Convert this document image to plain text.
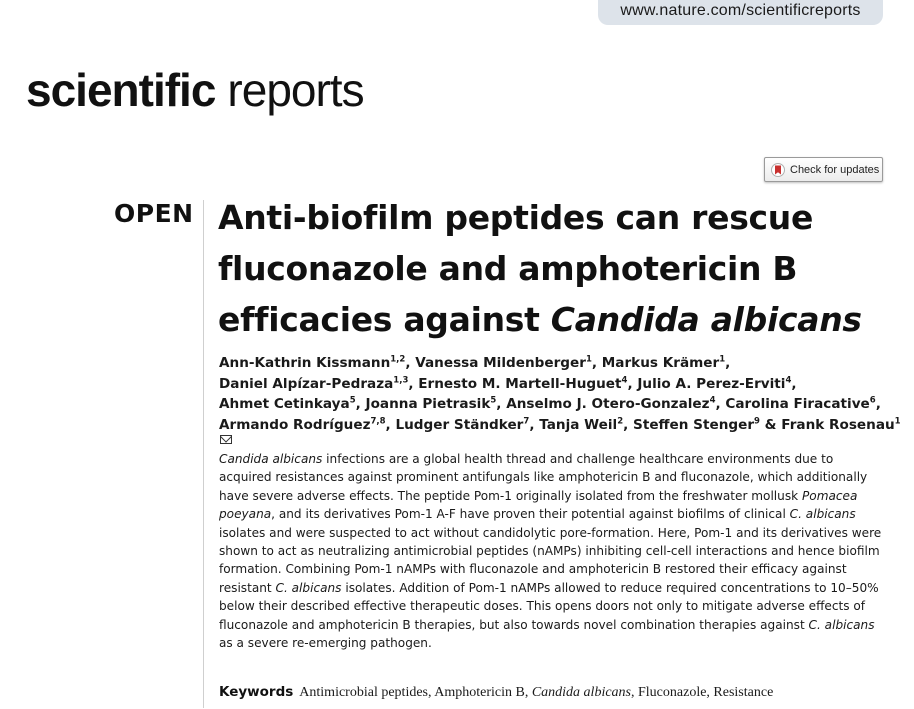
www.nature.com/scientificreports
scientific reports
Check for updates
OPEN Anti-biofilm peptides can rescue fluconazole and amphotericin B efficacies against Candida albicans
Ann-Kathrin Kissmann$^{1,2}$, Vanessa Mildenberger$^1$, Markus Krämer$^1$,
Daniel Alpízar-Pedraza$^{1,3}$, Ernesto M. Martell-Huguet$^4$, Julio A. Perez-Erviti$^4$,
Ahmet Cetinkaya$^5$, Joanna Pietrasik$^5$, Anselmo J. Otero-Gonzalez$^4$, Carolina Firacative$^6$,
Armando Rodríguez$^{7,8}$, Ludger Ständker$^7$, Tanja Weil$^2$, Steffen Stenger$^9$ & Frank Rosenau$^1$

Candida albicans infections are a global health thread and challenge healthcare environments due to acquired resistances against prominent antifungals like amphotericin B and fluconazole, which additionally have severe adverse effects. The peptide Pom-1 originally isolated from the freshwater mollusk Pomacea poeyana, and its derivatives Pom-1 A-F have proven their potential against biofilms of clinical C. albicans isolates and were suspected to act without candidolytic pore-formation. Here, Pom-1 and its derivatives were shown to act as neutralizing antimicrobial peptides (nAMPs) inhibiting cell-cell interactions and hence biofilm formation. Combining Pom-1 nAMPs with fluconazole and amphotericin B restored their efficacy against resistant C. albicans isolates. Addition of Pom-1 nAMPs allowed to reduce required concentrations to 10–50% below their described effective therapeutic doses. This opens doors not only to mitigate adverse effects of fluconazole and amphotericin B therapies, but also towards novel combination therapies against C. albicans as a severe re-emerging pathogen.

Keywords Antimicrobial peptides, Amphotericin B, Candida albicans, Fluconazole, Resistance
